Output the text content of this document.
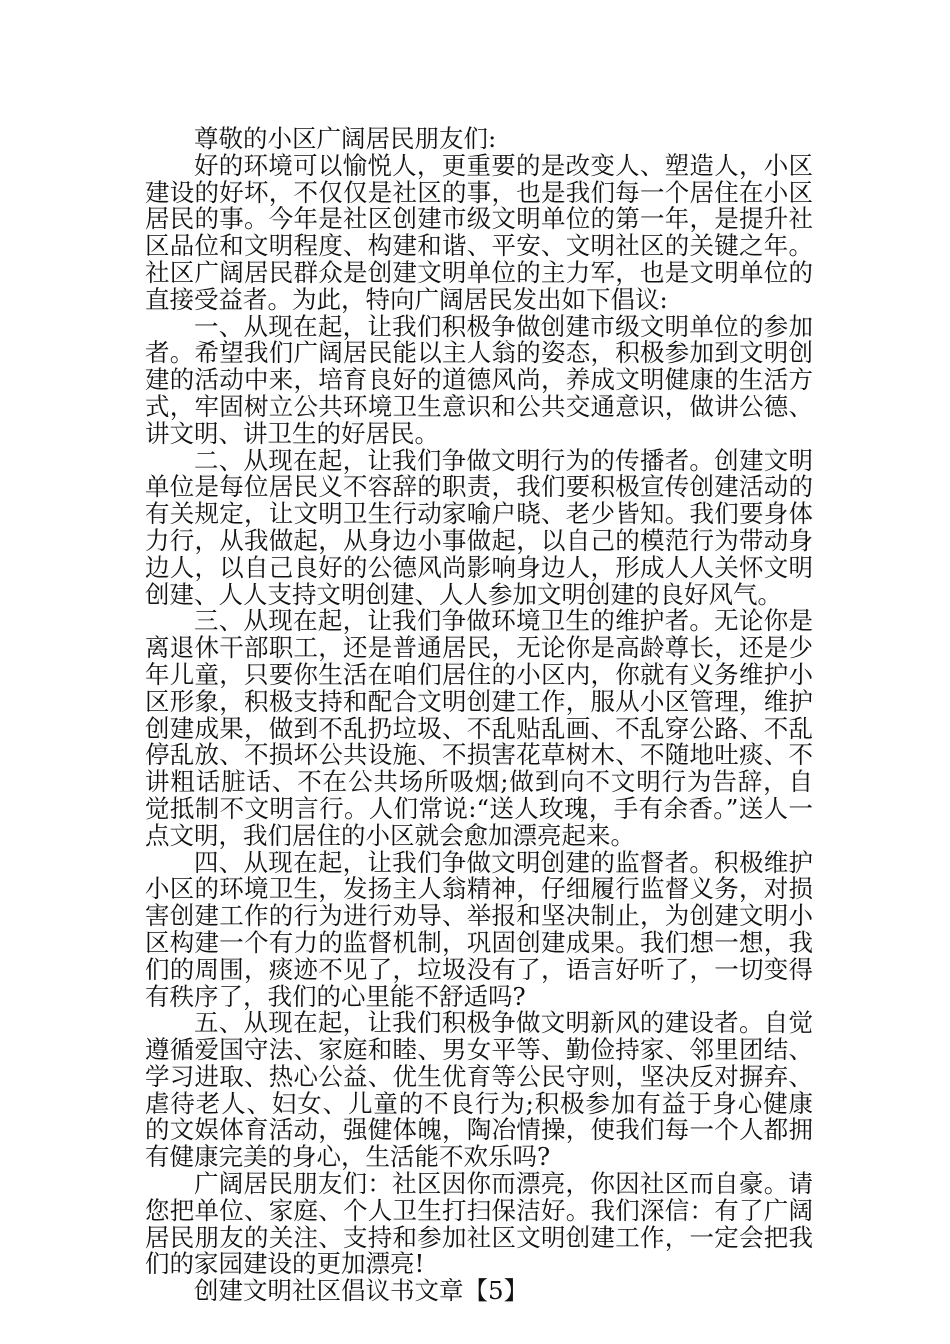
尊敬的小区广阔居民朋友们:

好的环境可以愉悦人，更重要的是改变人、塑造人，小区建设的好坏，不仅仅是社区的事，也是我们每一个居住在小区居民的事。今年是社区创建市级文明单位的第一年，是提升社区品位和文明程度、构建和谐、平安、文明社区的关键之年。社区广阔居民群众是创建文明单位的主力军，也是文明单位的直接受益者。为此，特向广阔居民发出如下倡议:

一、从现在起，让我们积极争做创建市级文明单位的参加者。希望我们广阔居民能以主人翁的姿态，积极参加到文明创建的活动中来，培育良好的道德风尚，养成文明健康的生活方式，牢固树立公共环境卫生意识和公共交通意识，做讲公德、讲文明、讲卫生的好居民。

二、从现在起，让我们争做文明行为的传播者。创建文明单位是每位居民义不容辞的职责，我们要积极宣传创建活动的有关规定，让文明卫生行动家喻户晓、老少皆知。我们要身体力行，从我做起，从身边小事做起，以自己的模范行为带动身边人，以自己良好的公德风尚影响身边人，形成人人关怀文明创建、人人支持文明创建、人人参加文明创建的良好风气。

三、从现在起，让我们争做环境卫生的维护者。无论你是离退休干部职工，还是普通居民，无论你是高龄尊长，还是少年儿童，只要你生活在咱们居住的小区内，你就有义务维护小区形象，积极支持和配合文明创建工作，服从小区管理，维护创建成果，做到不乱扔垃圾、不乱贴乱画、不乱穿公路、不乱停乱放、不损坏公共设施、不损害花草树木、不随地吐痰、不讲粗话脏话、不在公共场所吸烟;做到向不文明行为告辞，自觉抵制不文明言行。人们常说:“送人玫瑰，手有余香。”送人一点文明，我们居住的小区就会愈加漂亮起来。

四、从现在起，让我们争做文明创建的监督者。积极维护小区的环境卫生，发扬主人翁精神，仔细履行监督义务，对损害创建工作的行为进行劝导、举报和坚决制止，为创建文明小区构建一个有力的监督机制，巩固创建成果。我们想一想，我们的周围，痰迹不见了，垃圾没有了，语言好听了，一切变得有秩序了，我们的心里能不舒适吗?

五、从现在起，让我们积极争做文明新风的建设者。自觉遵循爱国守法、家庭和睦、男女平等、勤俭持家、邻里团结、学习进取、热心公益、优生优育等公民守则，坚决反对摒弃、虐待老人、妇女、儿童的不良行为;积极参加有益于身心健康的文娱体育活动，强健体魄，陶冶情操，使我们每一个人都拥有健康完美的身心，生活能不欢乐吗?

广阔居民朋友们：社区因你而漂亮，你因社区而自豪。请您把单位、家庭、个人卫生打扫保洁好。我们深信：有了广阔居民朋友的关注、支持和参加社区文明创建工作，一定会把我们的家园建设的更加漂亮!

创建文明社区倡议书文章【5】
